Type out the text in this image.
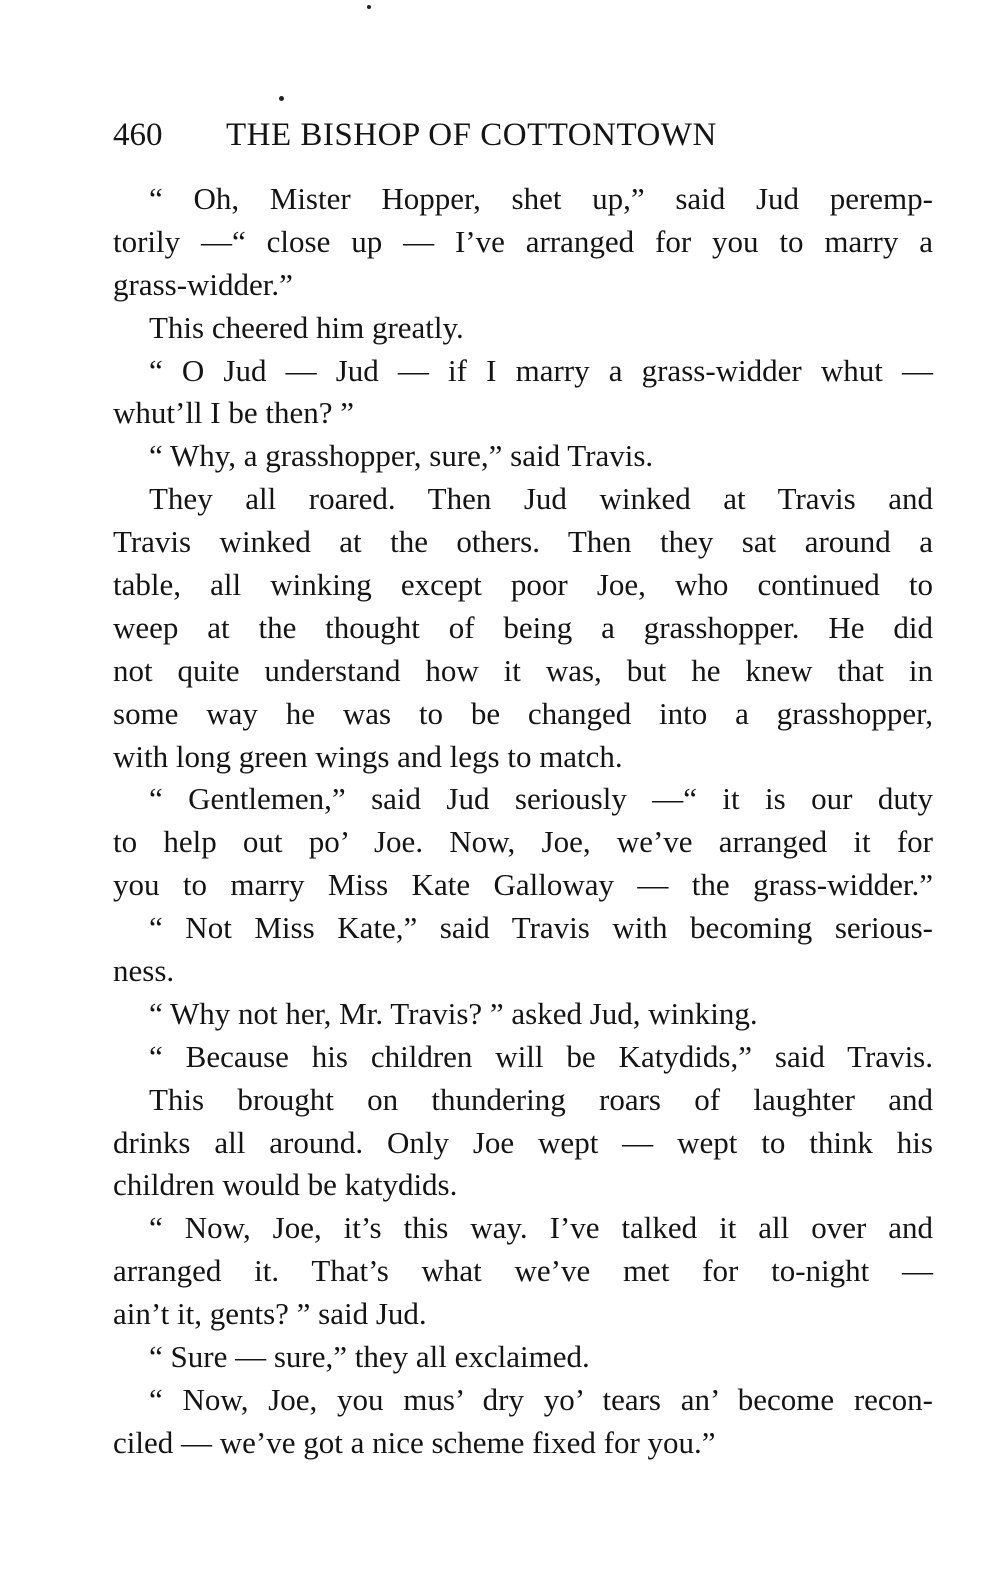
460 THE BISHOP OF COTTONTOWN
“ Oh, Mister Hopper, shet up,” said Jud peremp-
torily —“ close up — I’ve arranged for you to marry a
grass-widder.”
This cheered him greatly.
“ O Jud — Jud — if I marry a grass-widder whut —
whut’ll I be then? ”
“ Why, a grasshopper, sure,” said Travis.
They all roared. Then Jud winked at Travis and
Travis winked at the others. Then they sat around a
table, all winking except poor Joe, who continued to
weep at the thought of being a grasshopper. He did
not quite understand how it was, but he knew that in
some way he was to be changed into a grasshopper,
with long green wings and legs to match.
“ Gentlemen,” said Jud seriously —“ it is our duty
to help out po’ Joe. Now, Joe, we’ve arranged it for
you to marry Miss Kate Galloway — the grass-widder.”
“ Not Miss Kate,” said Travis with becoming serious-
ness.
“ Why not her, Mr. Travis? ” asked Jud, winking.
“ Because his children will be Katydids,” said Travis.
This brought on thundering roars of laughter and
drinks all around. Only Joe wept — wept to think his
children would be katydids.
“ Now, Joe, it’s this way. I’ve talked it all over and
arranged it. That’s what we’ve met for to-night —
ain’t it, gents? ” said Jud.
“ Sure — sure,” they all exclaimed.
“ Now, Joe, you mus’ dry yo’ tears an’ become recon-
ciled — we’ve got a nice scheme fixed for you.”
